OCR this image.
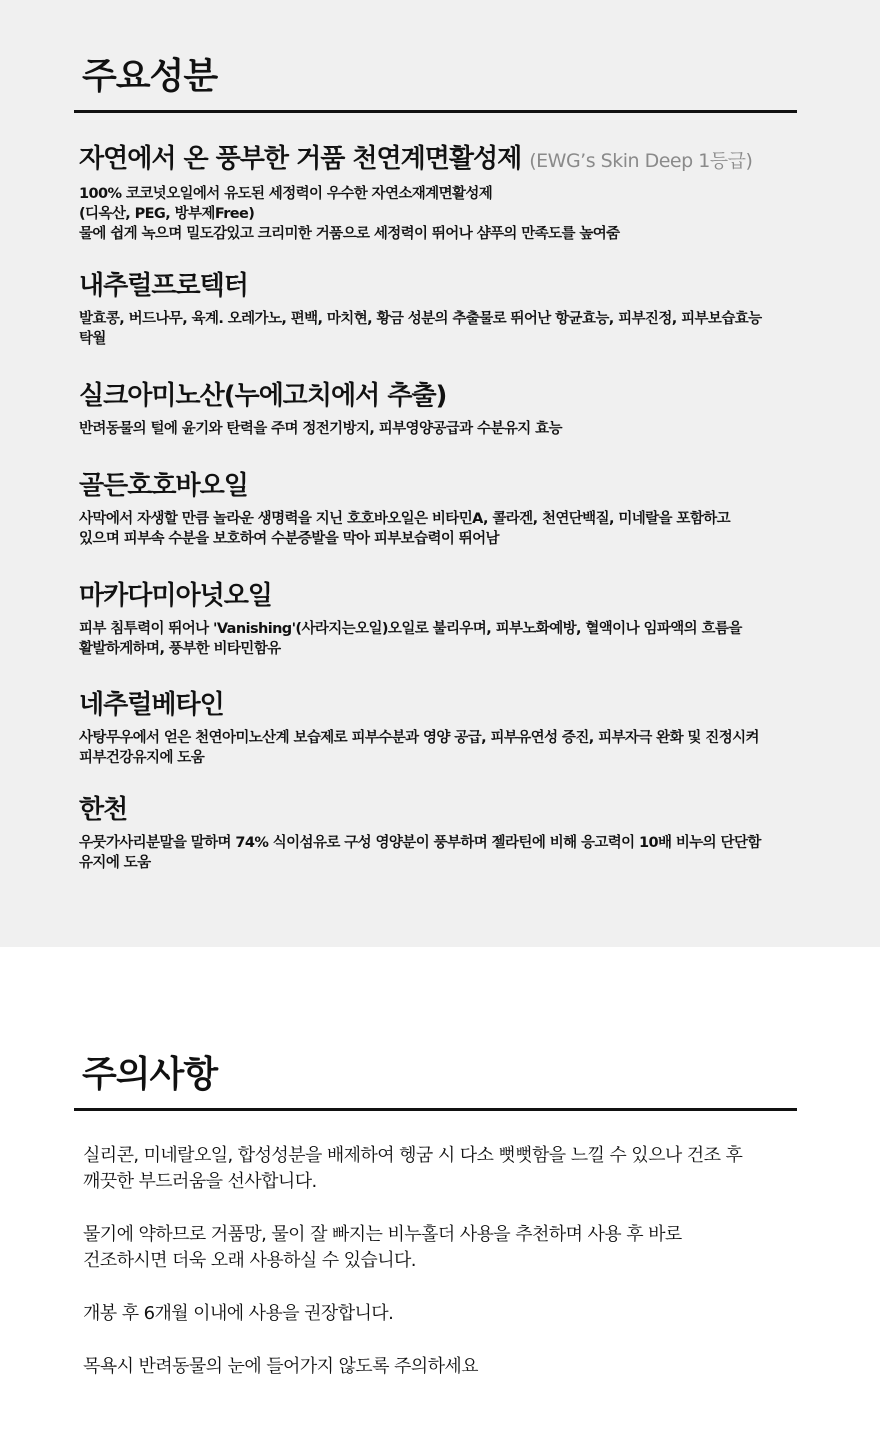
주요성분
자연에서 온 풍부한 거품 천연계면활성제 (EWG’s Skin Deep 1등급)
100% 코코넛오일에서 유도된 세정력이 우수한 자연소재계면활성제
(디옥산, PEG, 방부제Free)
물에 쉽게 녹으며 밀도감있고 크리미한 거품으로 세정력이 뛰어나 샴푸의 만족도를 높여줌
내추럴프로텍터
발효콩, 버드나무, 육계. 오레가노, 편백, 마치현, 황금 성분의 추출물로 뛰어난 항균효능, 피부진정, 피부보습효능
탁월
실크아미노산(누에고치에서 추출)
반려동물의 털에 윤기와 탄력을 주며 정전기방지, 피부영양공급과 수분유지 효능
골든호호바오일
사막에서 자생할 만큼 놀라운 생명력을 지닌 호호바오일은 비타민A, 콜라겐, 천연단백질, 미네랄을 포함하고
있으며 피부속 수분을 보호하여 수분증발을 막아 피부보습력이 뛰어남
마카다미아넛오일
피부 침투력이 뛰어나 'Vanishing'(사라지는오일)오일로 불리우며, 피부노화예방, 혈액이나 임파액의 흐름을
활발하게하며, 풍부한 비타민함유
네추럴베타인
사탕무우에서 얻은 천연아미노산계 보습제로 피부수분과 영양 공급, 피부유연성 증진, 피부자극 완화 및 진정시켜
피부건강유지에 도움
한천
우뭇가사리분말을 말하며 74% 식이섬유로 구성 영양분이 풍부하며 젤라틴에 비해 응고력이 10배 비누의 단단함
유지에 도움
주의사항

실리콘, 미네랄오일, 합성성분을 배제하여 헹굼 시 다소 뻣뻣함을 느낄 수 있으나 건조 후
깨끗한 부드러움을 선사합니다.

물기에 약하므로 거품망, 물이 잘 빠지는 비누홀더 사용을 추천하며 사용 후 바로
건조하시면 더욱 오래 사용하실 수 있습니다.

개봉 후 6개월 이내에 사용을 권장합니다.

목욕시 반려동물의 눈에 들어가지 않도록 주의하세요
